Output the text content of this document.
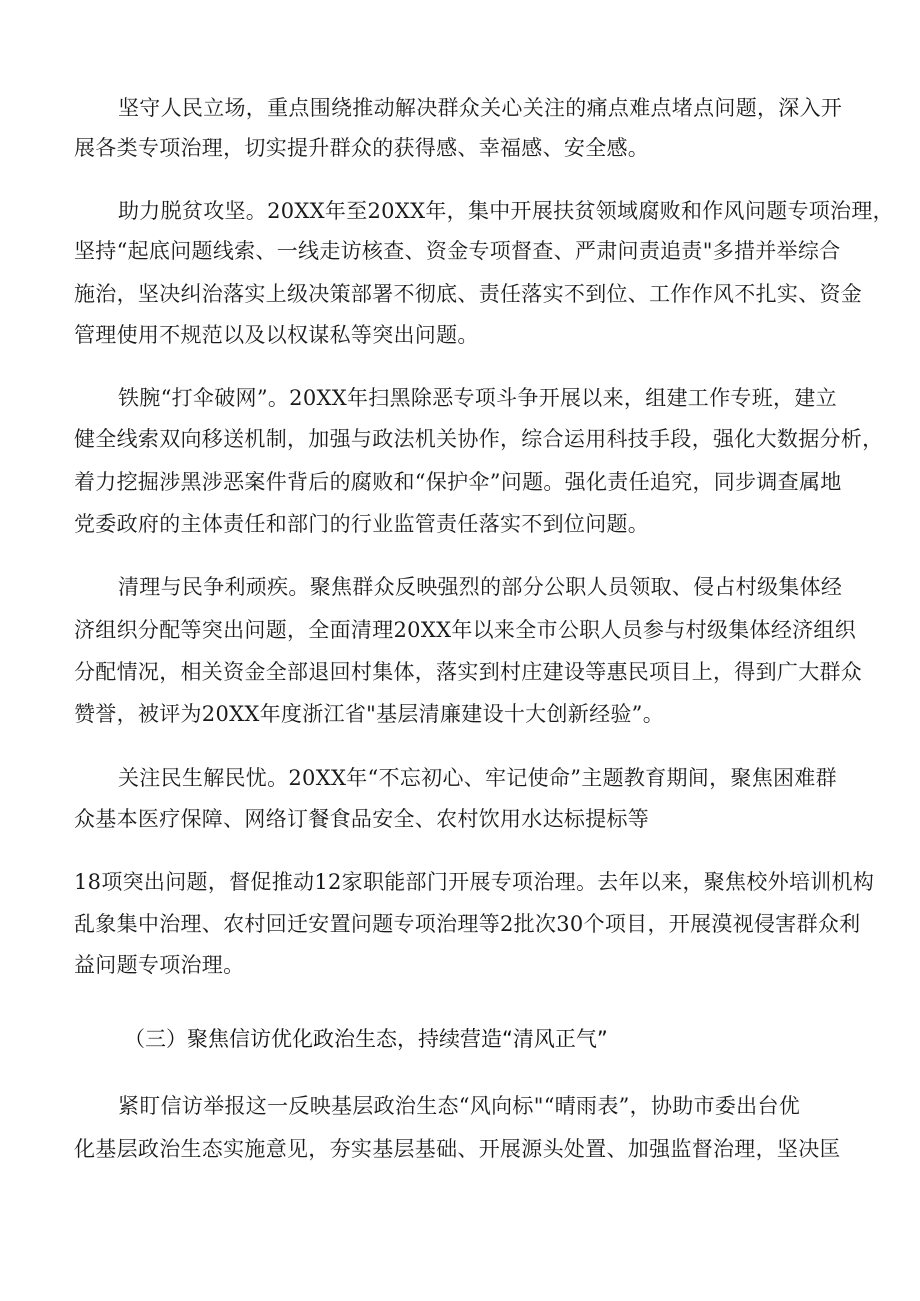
坚守人民立场，重点围绕推动解决群众关心关注的痛点难点堵点问题，深入开
展各类专项治理，切实提升群众的获得感、幸福感、安全感。
助力脱贫攻坚。20XX年至20XX年，集中开展扶贫领域腐败和作风问题专项治理，
坚持“起底问题线索、一线走访核查、资金专项督查、严肃问责追责"多措并举综合
施治，坚决纠治落实上级决策部署不彻底、责任落实不到位、工作作风不扎实、资金
管理使用不规范以及以权谋私等突出问题。
铁腕“打伞破网”。20XX年扫黑除恶专项斗争开展以来，组建工作专班，建立
健全线索双向移送机制，加强与政法机关协作，综合运用科技手段，强化大数据分析，
着力挖掘涉黑涉恶案件背后的腐败和“保护伞”问题。强化责任追究，同步调查属地
党委政府的主体责任和部门的行业监管责任落实不到位问题。
清理与民争利顽疾。聚焦群众反映强烈的部分公职人员领取、侵占村级集体经
济组织分配等突出问题，全面清理20XX年以来全市公职人员参与村级集体经济组织
分配情况，相关资金全部退回村集体，落实到村庄建设等惠民项目上，得到广大群众
赞誉，被评为20XX年度浙江省"基层清廉建设十大创新经验”。
关注民生解民忧。20XX年“不忘初心、牢记使命”主题教育期间，聚焦困难群
众基本医疗保障、网络订餐食品安全、农村饮用水达标提标等
18项突出问题，督促推动12家职能部门开展专项治理。去年以来，聚焦校外培训机构
乱象集中治理、农村回迁安置问题专项治理等2批次30个项目，开展漠视侵害群众利
益问题专项治理。
（三）聚焦信访优化政治生态，持续营造“清风正气”
紧盯信访举报这一反映基层政治生态“风向标"“晴雨表”，协助市委出台优
化基层政治生态实施意见，夯实基层基础、开展源头处置、加强监督治理，坚决匡
